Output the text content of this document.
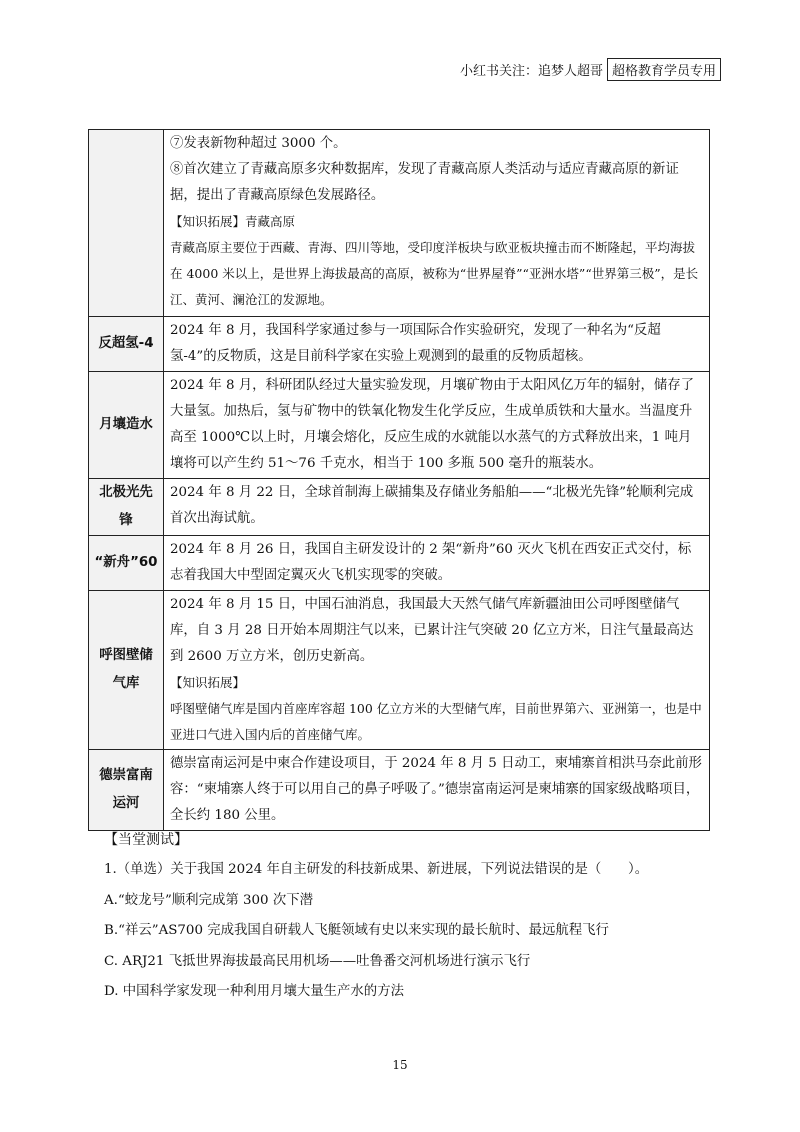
小红书关注：追梦人超哥 超格教育学员专用

	⑦发表新物种超过 3000 个。
⑧首次建立了青藏高原多灾种数据库，发现了青藏高原人类活动与适应青藏高原的新证据，提出了青藏高原绿色发展路径。
【知识拓展】青藏高原
青藏高原主要位于西藏、青海、四川等地，受印度洋板块与欧亚板块撞击而不断隆起，平均海拔在 4000 米以上，是世界上海拔最高的高原，被称为“世界屋脊”“亚洲水塔”“世界第三极”，是长江、黄河、澜沧江的发源地。

反超氢-4	2024 年 8 月，我国科学家通过参与一项国际合作实验研究，发现了一种名为“反超氢-4”的反物质，这是目前科学家在实验上观测到的最重的反物质超核。
月壤造水	2024 年 8 月，科研团队经过大量实验发现，月壤矿物由于太阳风亿万年的辐射，储存了大量氢。加热后，氢与矿物中的铁氧化物发生化学反应，生成单质铁和大量水。当温度升高至 1000℃以上时，月壤会熔化，反应生成的水就能以水蒸气的方式释放出来，1 吨月壤将可以产生约 51～76 千克水，相当于 100 多瓶 500 毫升的瓶装水。
北极光先锋	2024 年 8 月 22 日，全球首制海上碳捕集及存储业务船舶——“北极光先锋”轮顺利完成首次出海试航。
“新舟”60	2024 年 8 月 26 日，我国自主研发设计的 2 架“新舟”60 灭火飞机在西安正式交付，标志着我国大中型固定翼灭火飞机实现零的突破。
呼图壁储气库	2024 年 8 月 15 日，中国石油消息，我国最大天然气储气库新疆油田公司呼图壁储气库，自 3 月 28 日开始本周期注气以来，已累计注气突破 20 亿立方米，日注气量最高达到 2600 万立方米，创历史新高。
【知识拓展】
呼图壁储气库是国内首座库容超 100 亿立方米的大型储气库，目前世界第六、亚洲第一，也是中亚进口气进入国内后的首座储气库。

德崇富南运河	德崇富南运河是中柬合作建设项目，于 2024 年 8 月 5 日动工，柬埔寨首相洪马奈此前形容：“柬埔寨人终于可以用自己的鼻子呼吸了。”德崇富南运河是柬埔寨的国家级战略项目，全长约 180 公里。
【当堂测试】
1.（单选）关于我国 2024 年自主研发的科技新成果、新进展，下列说法错误的是（　　）。
A.“蛟龙号”顺利完成第 300 次下潜
B.“祥云”AS700 完成我国自研载人飞艇领域有史以来实现的最长航时、最远航程飞行
C. ARJ21 飞抵世界海拔最高民用机场——吐鲁番交河机场进行演示飞行
D. 中国科学家发现一种利用月壤大量生产水的方法
15
